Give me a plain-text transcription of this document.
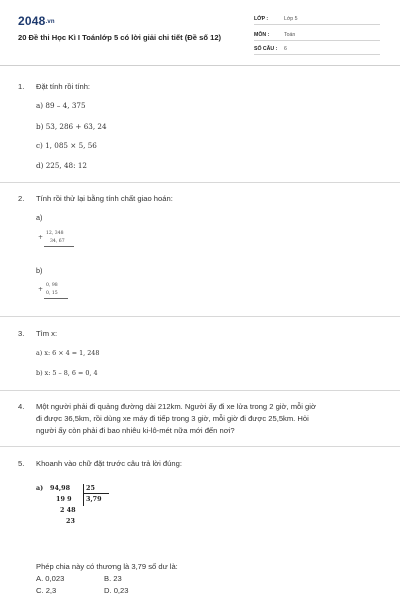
2048.vn
20 Đề thi Học Kì I Toánlớp 5 có lời giải chi tiết (Đề số 12)
LỚP :	Lớp 5
MÔN :	Toán
SỐ CÂU : 6
1.	Đặt tính rồi tính:
a) 89 – 4, 375
b) 53, 286 + 63, 24
c) 1, 085 × 5, 56
d) 225, 48: 12
2.	Tính rồi thử lại bằng tính chất giao hoán:
a)
+
12, 348
34, 67
b)
+
0, 98
0, 15
3.	Tìm x:
a) x: 6 × 4 = 1, 248
b) x: 5 – 8, 6 = 0, 4
4.	Một người phải đi quảng đường dài 212km. Người ấy đi xe lửa trong 2 giờ, mỗi giờ
đi được 36,5km, rồi dùng xe máy đi tiếp trong 3 giờ, mỗi giờ đi được 25,5km. Hỏi
người ấy còn phải đi bao nhiêu ki-lô-mét nữa mới đến nơi?
5.	Khoanh vào chữ đặt trước câu trả lời đúng:
a) 94,98 25
19 9 3,79
2 48
23
Phép chia này có thương là 3,79 số dư là:
A. 0,023	B. 23
C. 2,3	D. 0,23
